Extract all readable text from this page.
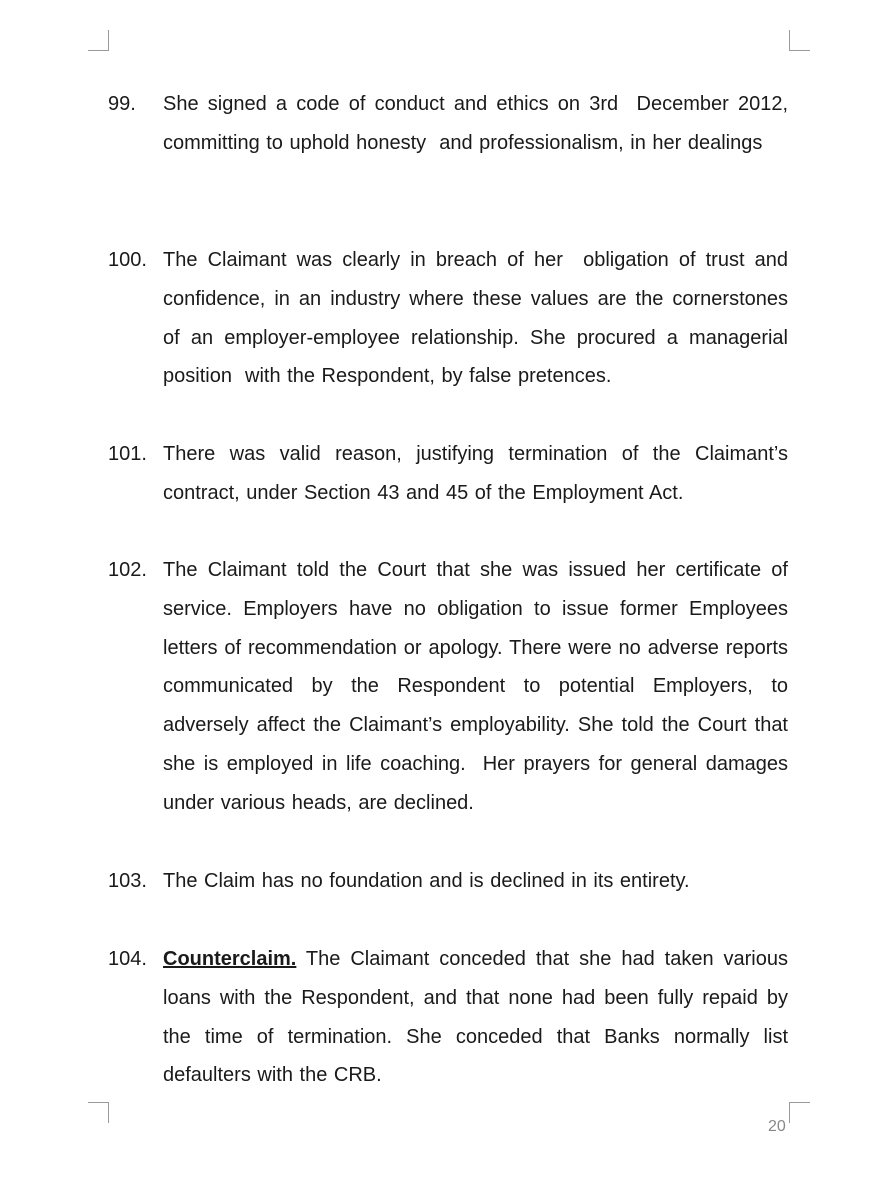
99. She signed a code of conduct and ethics on 3rd  December 2012, committing to uphold honesty  and professionalism, in her dealings
100. The Claimant was clearly in breach of her  obligation of trust and confidence, in an industry where these values are the cornerstones of an employer-employee relationship. She procured a managerial position  with the Respondent, by false pretences.
101. There was valid reason, justifying termination of the Claimant’s contract, under Section 43 and 45 of the Employment Act.
102. The Claimant told the Court that she was issued her certificate of service. Employers have no obligation to issue former Employees letters of recommendation or apology. There were no adverse reports communicated by the Respondent to potential Employers, to adversely affect the Claimant’s employability. She told the Court that she is employed in life coaching.  Her prayers for general damages under various heads, are declined.
103. The Claim has no foundation and is declined in its entirety.
104. Counterclaim. The Claimant conceded that she had taken various loans with the Respondent, and that none had been fully repaid by the time of termination. She conceded that Banks normally list defaulters with the CRB.
20
